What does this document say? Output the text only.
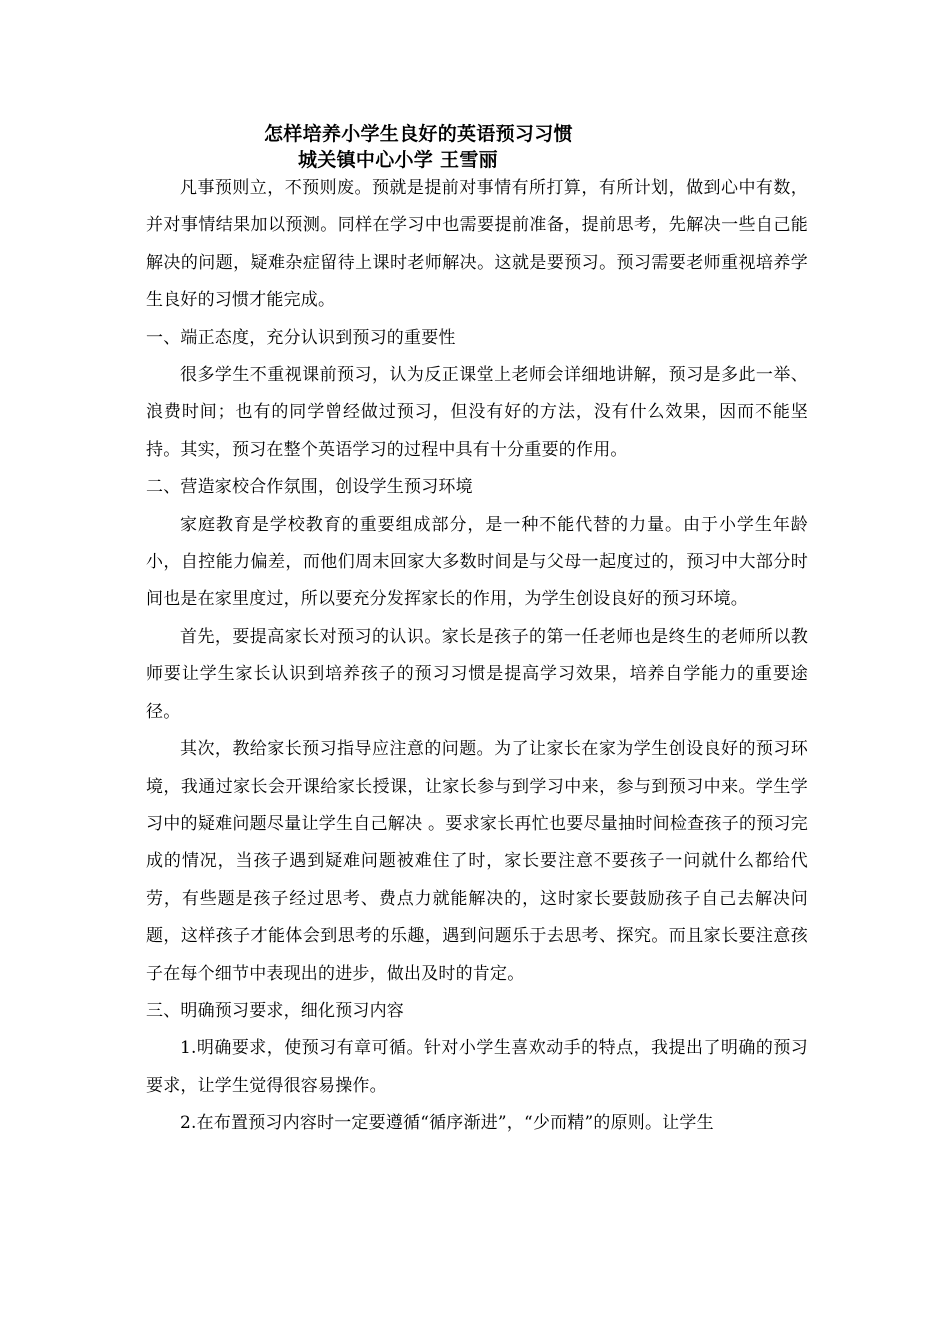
怎样培养小学生良好的英语预习习惯
城关镇中心小学 王雪丽

凡事预则立，不预则废。预就是提前对事情有所打算，有所计划，做到心中有数，并对事情结果加以预测。同样在学习中也需要提前准备，提前思考，先解决一些自己能解决的问题，疑难杂症留待上课时老师解决。这就是要预习。预习需要老师重视培养学生良好的习惯才能完成。

一、端正态度，充分认识到预习的重要性

很多学生不重视课前预习，认为反正课堂上老师会详细地讲解，预习是多此一举、浪费时间；也有的同学曾经做过预习，但没有好的方法，没有什么效果，因而不能坚持。其实，预习在整个英语学习的过程中具有十分重要的作用。

二、营造家校合作氛围，创设学生预习环境

家庭教育是学校教育的重要组成部分，是一种不能代替的力量。由于小学生年龄小，自控能力偏差，而他们周末回家大多数时间是与父母一起度过的，预习中大部分时间也是在家里度过，所以要充分发挥家长的作用，为学生创设良好的预习环境。

首先，要提高家长对预习的认识。家长是孩子的第一任老师也是终生的老师所以教师要让学生家长认识到培养孩子的预习习惯是提高学习效果，培养自学能力的重要途径。

其次，教给家长预习指导应注意的问题。为了让家长在家为学生创设良好的预习环境，我通过家长会开课给家长授课，让家长参与到学习中来，参与到预习中来。学生学习中的疑难问题尽量让学生自己解决 。要求家长再忙也要尽量抽时间检查孩子的预习完成的情况，当孩子遇到疑难问题被难住了时，家长要注意不要孩子一问就什么都给代劳，有些题是孩子经过思考、费点力就能解决的，这时家长要鼓励孩子自己去解决问题，这样孩子才能体会到思考的乐趣，遇到问题乐于去思考、探究。而且家长要注意孩子在每个细节中表现出的进步，做出及时的肯定。

三、明确预习要求，细化预习内容

1.明确要求，使预习有章可循。针对小学生喜欢动手的特点，我提出了明确的预习要求，让学生觉得很容易操作。

2.在布置预习内容时一定要遵循“循序渐进”，“少而精”的原则。让学生
